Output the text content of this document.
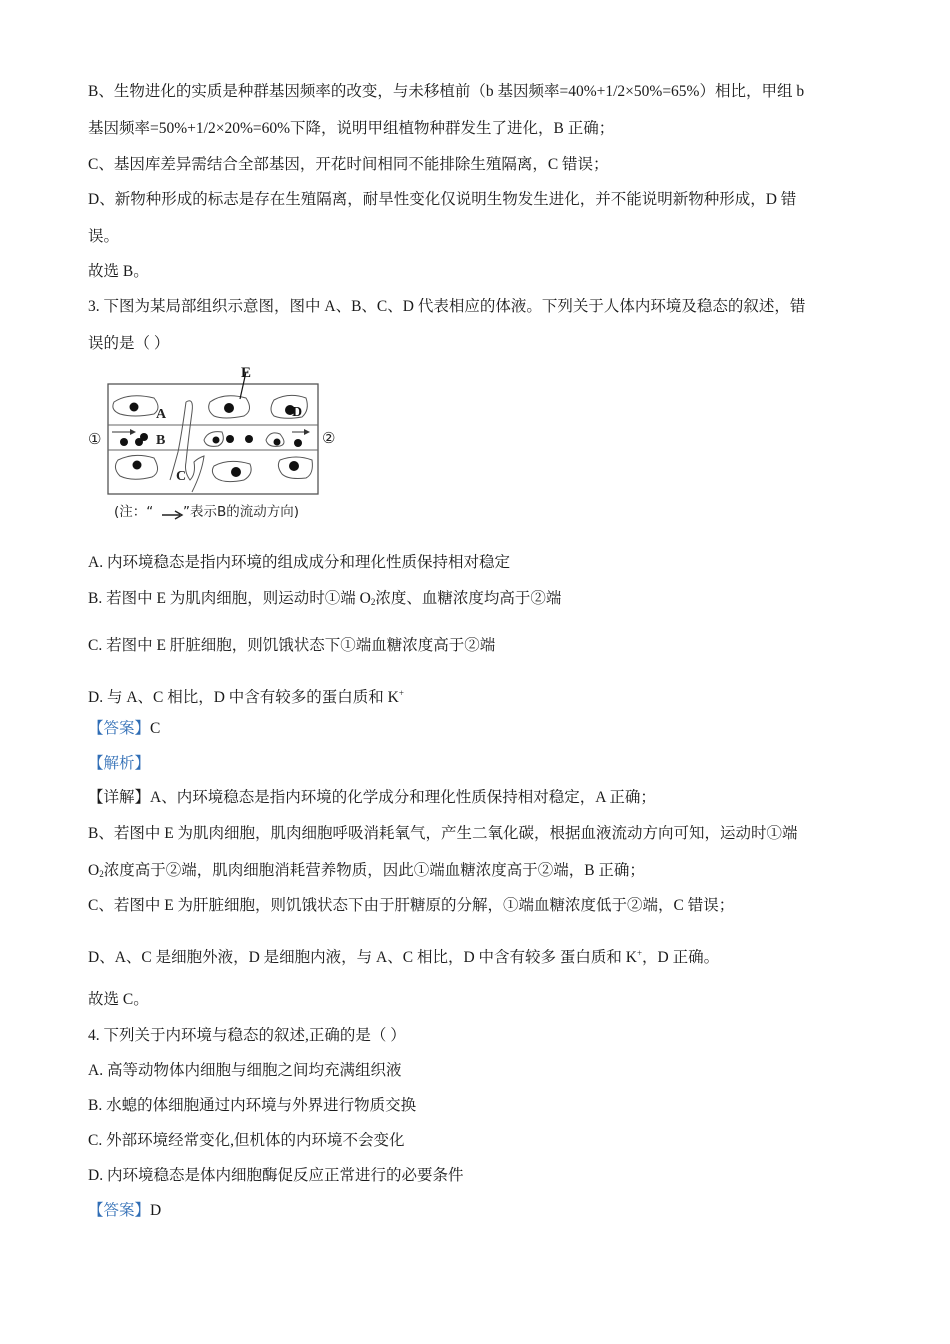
B、生物进化的实质是种群基因频率的改变，与未移植前（b 基因频率=40%+1/2×50%=65%）相比，甲组 b
基因频率=50%+1/2×20%=60%下降，说明甲组植物种群发生了进化，B 正确；
C、基因库差异需结合全部基因，开花时间相同不能排除生殖隔离，C 错误；
D、新物种形成的标志是存在生殖隔离，耐旱性变化仅说明生物发生进化，并不能说明新物种形成，D 错
误。
故选 B。
3. 下图为某局部组织示意图，图中 A、B、C、D 代表相应的体液。下列关于人体内环境及稳态的叙述，错
误的是（ ）
E
A
B
C
D
①	②
(注：“ ”表示B的流动方向)
A. 内环境稳态是指内环境的组成成分和理化性质保持相对稳定
B. 若图中 E 为肌肉细胞，则运动时①端 $O_2$浓度、血糖浓度均高于②端
C. 若图中 E 肝脏细胞，则饥饿状态下①端血糖浓度高于②端
D. 与 A、C 相比，D 中含有较多的蛋白质和 K+
【答案】C
【解析】
【详解】A、内环境稳态是指内环境的化学成分和理化性质保持相对稳定，A 正确；
B、若图中 E 为肌肉细胞，肌肉细胞呼吸消耗氧气，产生二氧化碳，根据血液流动方向可知，运动时①端
$O_2$浓度高于②端，肌肉细胞消耗营养物质，因此①端血糖浓度高于②端，B 正确；
C、若图中 E 为肝脏细胞，则饥饿状态下由于肝糖原的分解，①端血糖浓度低于②端，C 错误；
D、A、C 是细胞外液，D 是细胞内液，与 A、C 相比，D 中含有较多 蛋白质和 K+，D 正确。
故选 C。
4. 下列关于内环境与稳态的叙述,正确的是（ ）
A. 高等动物体内细胞与细胞之间均充满组织液
B. 水螅的体细胞通过内环境与外界进行物质交换
C. 外部环境经常变化,但机体的内环境不会变化
D. 内环境稳态是体内细胞酶促反应正常进行的必要条件
【答案】D
